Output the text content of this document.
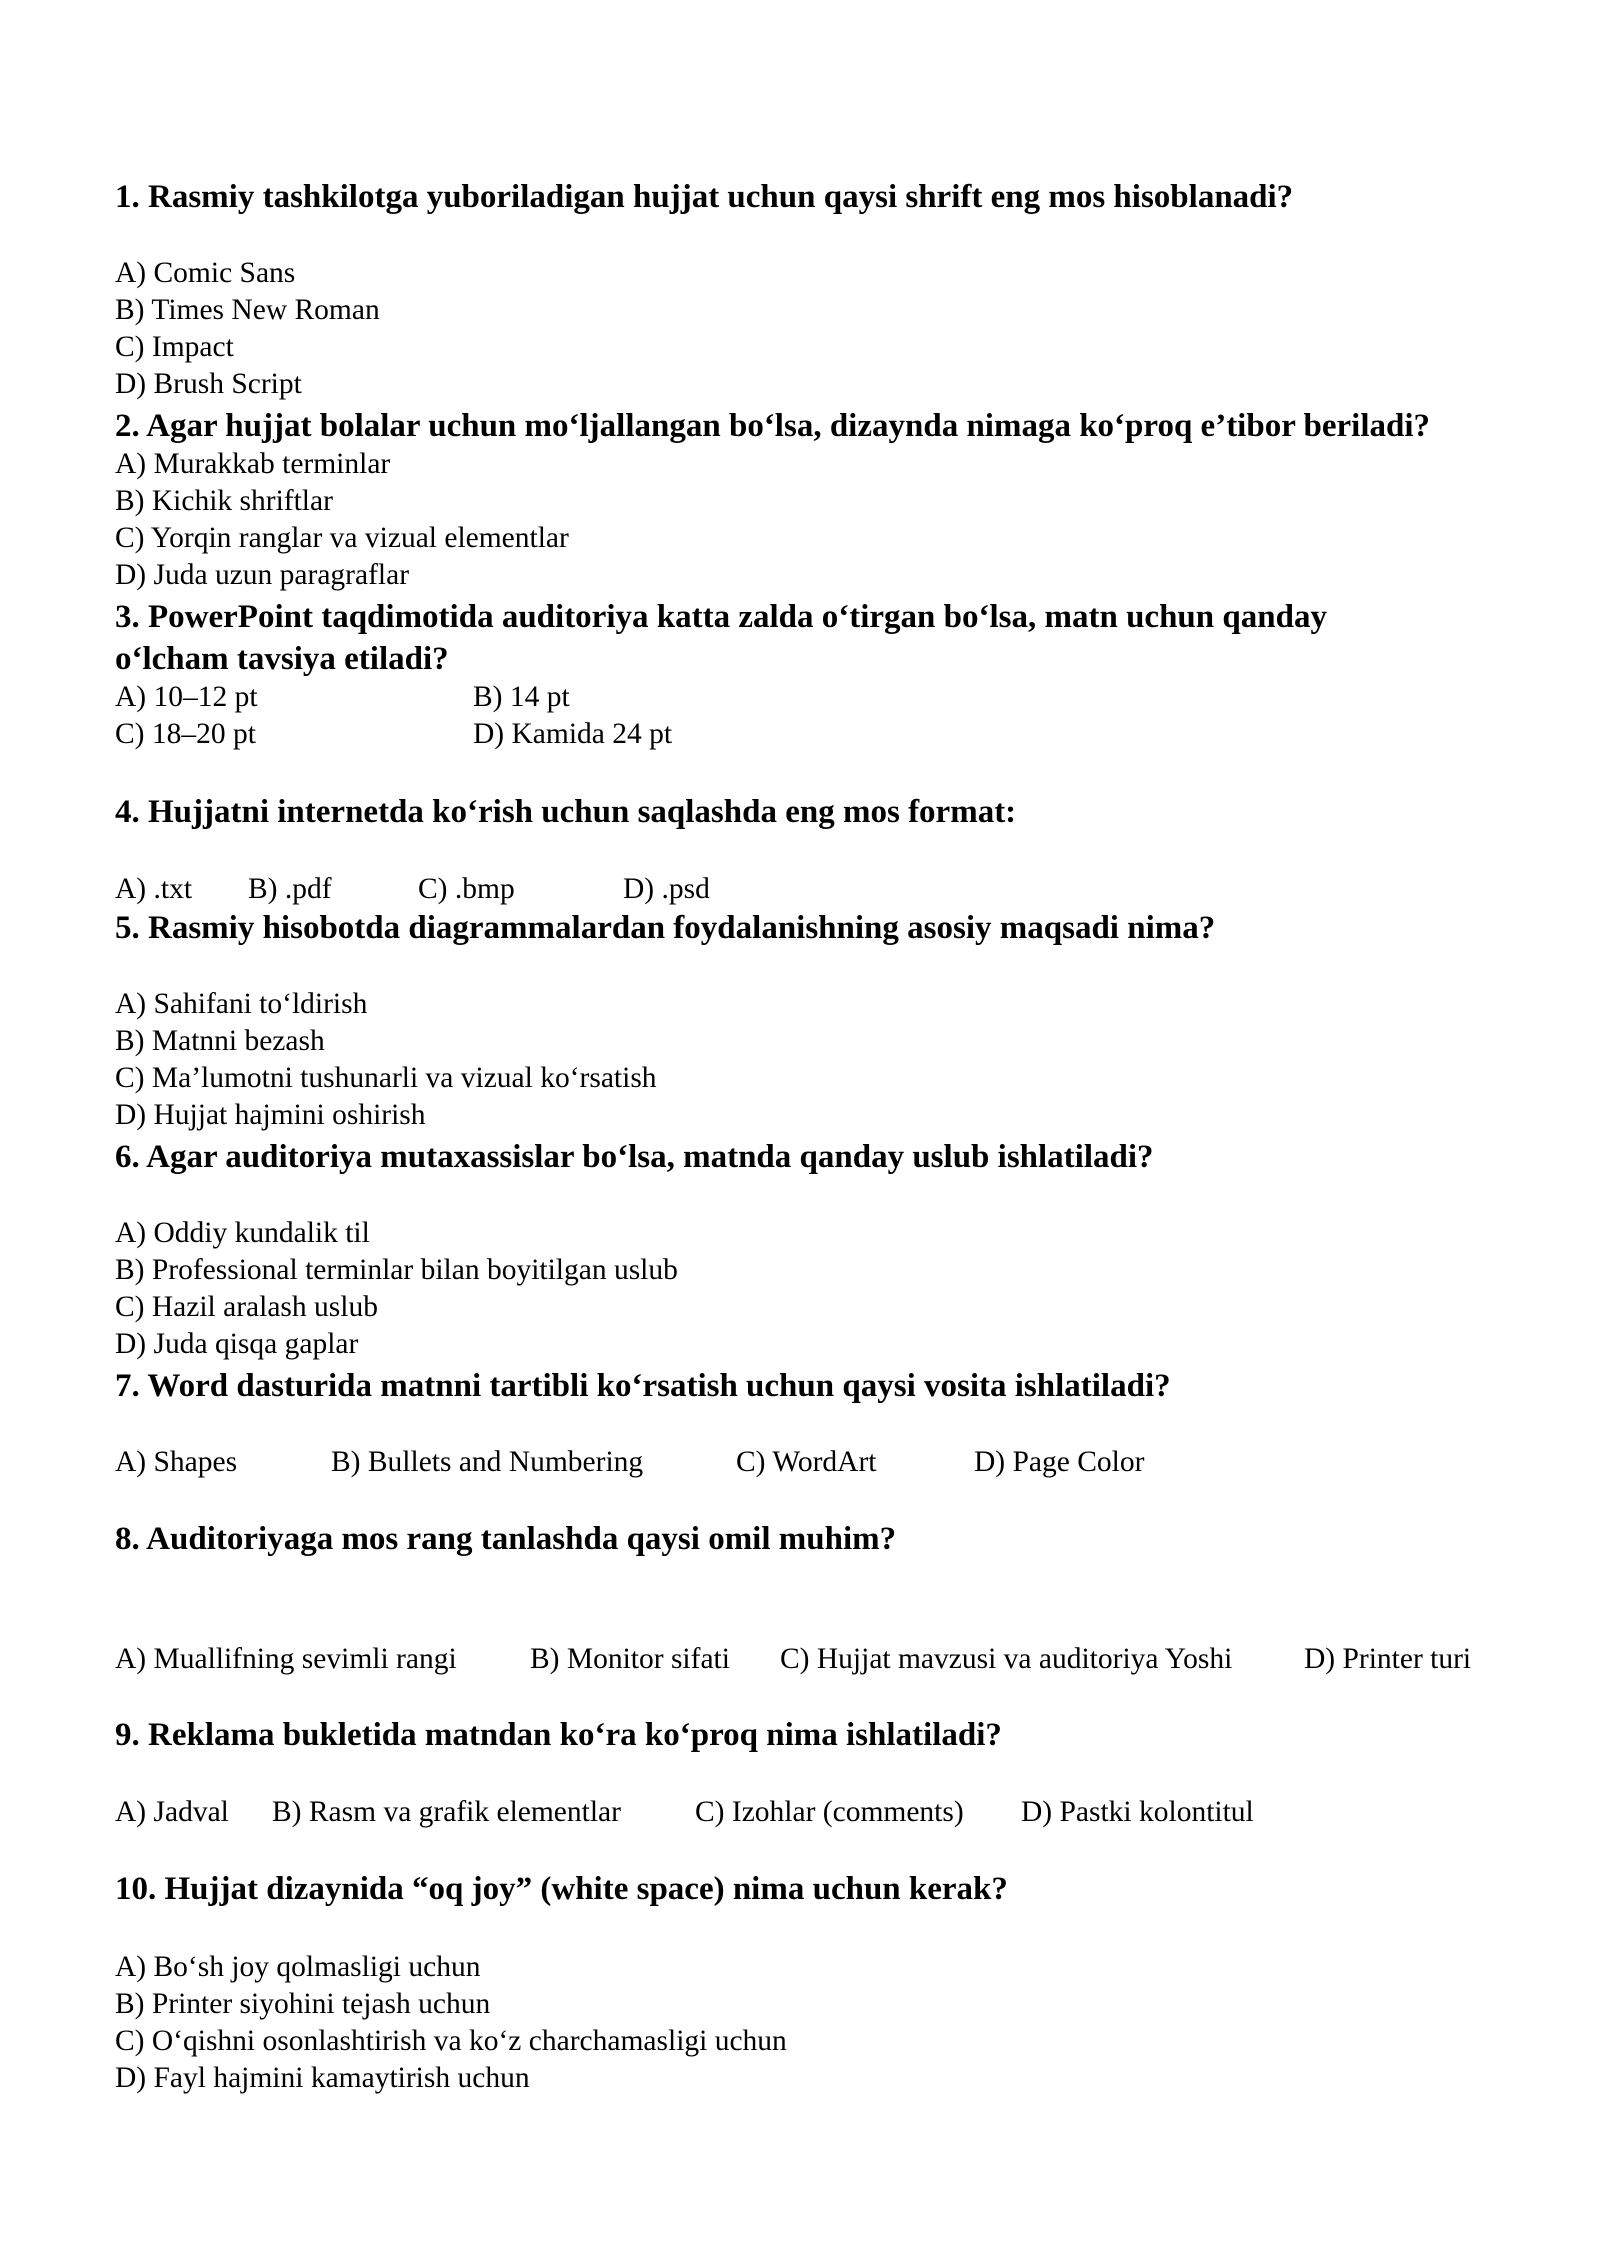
1. Rasmiy tashkilotga yuboriladigan hujjat uchun qaysi shrift eng mos hisoblanadi?
A) Comic Sans
B) Times New Roman
C) Impact
D) Brush Script
2. Agar hujjat bolalar uchun mo‘ljallangan bo‘lsa, dizaynda nimaga ko‘proq e’tibor beriladi?
A) Murakkab terminlar
B) Kichik shriftlar
C) Yorqin ranglar va vizual elementlar
D) Juda uzun paragraflar
3. PowerPoint taqdimotida auditoriya katta zalda o‘tirgan bo‘lsa, matn uchun qanday
o‘lcham tavsiya etiladi?
A) 10–12 pt	B) 14 pt
C) 18–20 pt	D) Kamida 24 pt
4. Hujjatni internetda ko‘rish uchun saqlashda eng mos format:
A) .txt B) .pdf	C) .bmp	D) .psd
5. Rasmiy hisobotda diagrammalardan foydalanishning asosiy maqsadi nima?
A) Sahifani to‘ldirish
B) Matnni bezash
C) Ma’lumotni tushunarli va vizual ko‘rsatish
D) Hujjat hajmini oshirish
6. Agar auditoriya mutaxassislar bo‘lsa, matnda qanday uslub ishlatiladi?
A) Oddiy kundalik til
B) Professional terminlar bilan boyitilgan uslub
C) Hazil aralash uslub
D) Juda qisqa gaplar
7. Word dasturida matnni tartibli ko‘rsatish uchun qaysi vosita ishlatiladi?
A) Shapes	B) Bullets and Numbering	C) WordArt	D) Page Color
8. Auditoriyaga mos rang tanlashda qaysi omil muhim?
A) Muallifning sevimli rangi B) Monitor sifati C) Hujjat mavzusi va auditoriya Yoshi D) Printer turi
9. Reklama bukletida matndan ko‘ra ko‘proq nima ishlatiladi?
A) Jadval B) Rasm va grafik elementlar	C) Izohlar (comments) D) Pastki kolontitul
10. Hujjat dizaynida “oq joy” (white space) nima uchun kerak?
A) Bo‘sh joy qolmasligi uchun
B) Printer siyohini tejash uchun
C) O‘qishni osonlashtirish va ko‘z charchamasligi uchun
D) Fayl hajmini kamaytirish uchun
